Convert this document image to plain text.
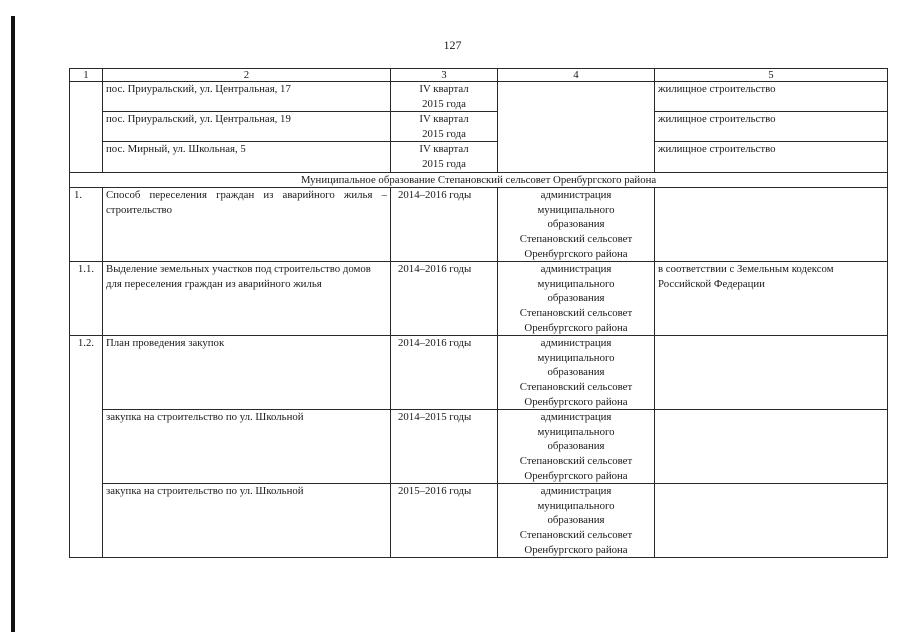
127
1	2	3	4	5
	пос. Приуральский, ул. Центральная, 17	IV квартал
2015 года		жилищное строительство
	пос. Приуральский, ул. Центральная, 19	IV квартал
2015 года		жилищное строительство
	пос. Мирный, ул. Школьная, 5	IV квартал
2015 года		жилищное строительство
Муниципальное образование Степановский сельсовет Оренбургского района				
1.	Способ переселения граждан из аварийного жилья – строительство	2014–2016 годы	администрация
муниципального
образования
Степановский сельсовет
Оренбургского района	

1.1.	Выделение земельных участков под строительство домов для переселения граждан из аварийного жилья	2014–2016 годы	администрация
муниципального
образования
Степановский сельсовет
Оренбургского района	в соответствии с Земельным кодексом Российской Федерации
1.2.	План проведения закупок	2014–2016 годы	администрация
муниципального
образования
Степановский сельсовет
Оренбургского района	

	закупка на строительство по ул. Школьной	2014–2015 годы	администрация
муниципального
образования
Степановский сельсовет
Оренбургского района	

	закупка на строительство по ул. Школьной	2015–2016 годы	администрация
муниципального
образования
Степановский сельсовет
Оренбургского района	
